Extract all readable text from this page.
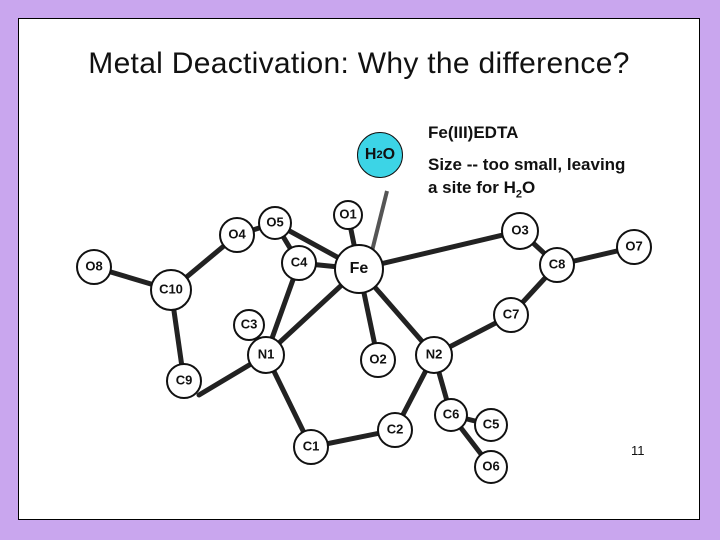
Metal Deactivation: Why the difference?
O8
C10
C9
O4
O5
C4
C3
N1
C1
C2
O1
Fe
O2	N2
C6
O6
C5
C7
O3
C8
O7
H 2 O
Fe(III)EDTA
Size -- too small, leaving
a site for $H_2O$
11
